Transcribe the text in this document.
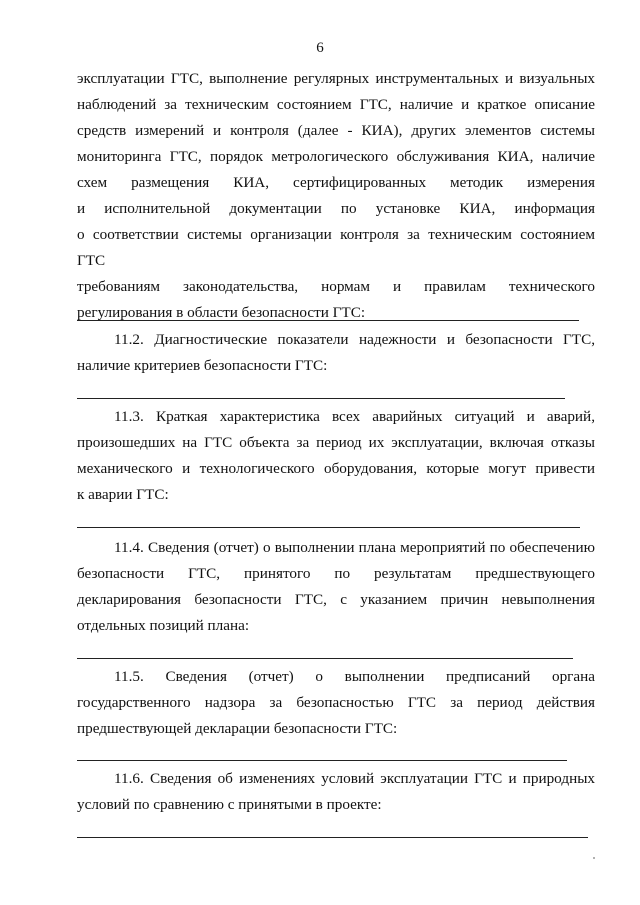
6
эксплуатации ГТС, выполнение регулярных инструментальных и визуальных
наблюдений за техническим состоянием ГТС, наличие и краткое описание
средств измерений и контроля (далее - КИА), других элементов системы
мониторинга ГТС, порядок метрологического обслуживания КИА, наличие
схем размещения КИА, сертифицированных методик измерения
и исполнительной документации по установке КИА, информация
о соответствии системы организации контроля за техническим состоянием ГТС
требованиям законодательства, нормам и правилам технического
регулирования в области безопасности ГТС:
11.2. Диагностические показатели надежности и безопасности ГТС,
наличие критериев безопасности ГТС:
11.3. Краткая характеристика всех аварийных ситуаций и аварий,
произошедших на ГТС объекта за период их эксплуатации, включая отказы
механического и технологического оборудования, которые могут привести
к аварии ГТС:
11.4. Сведения (отчет) о выполнении плана мероприятий по обеспечению
безопасности ГТС, принятого по результатам предшествующего
декларирования безопасности ГТС, с указанием причин невыполнения
отдельных позиций плана:
11.5. Сведения (отчет) о выполнении предписаний органа
государственного надзора за безопасностью ГТС за период действия
предшествующей декларации безопасности ГТС:
11.6. Сведения об изменениях условий эксплуатации ГТС и природных
условий по сравнению с принятыми в проекте:
